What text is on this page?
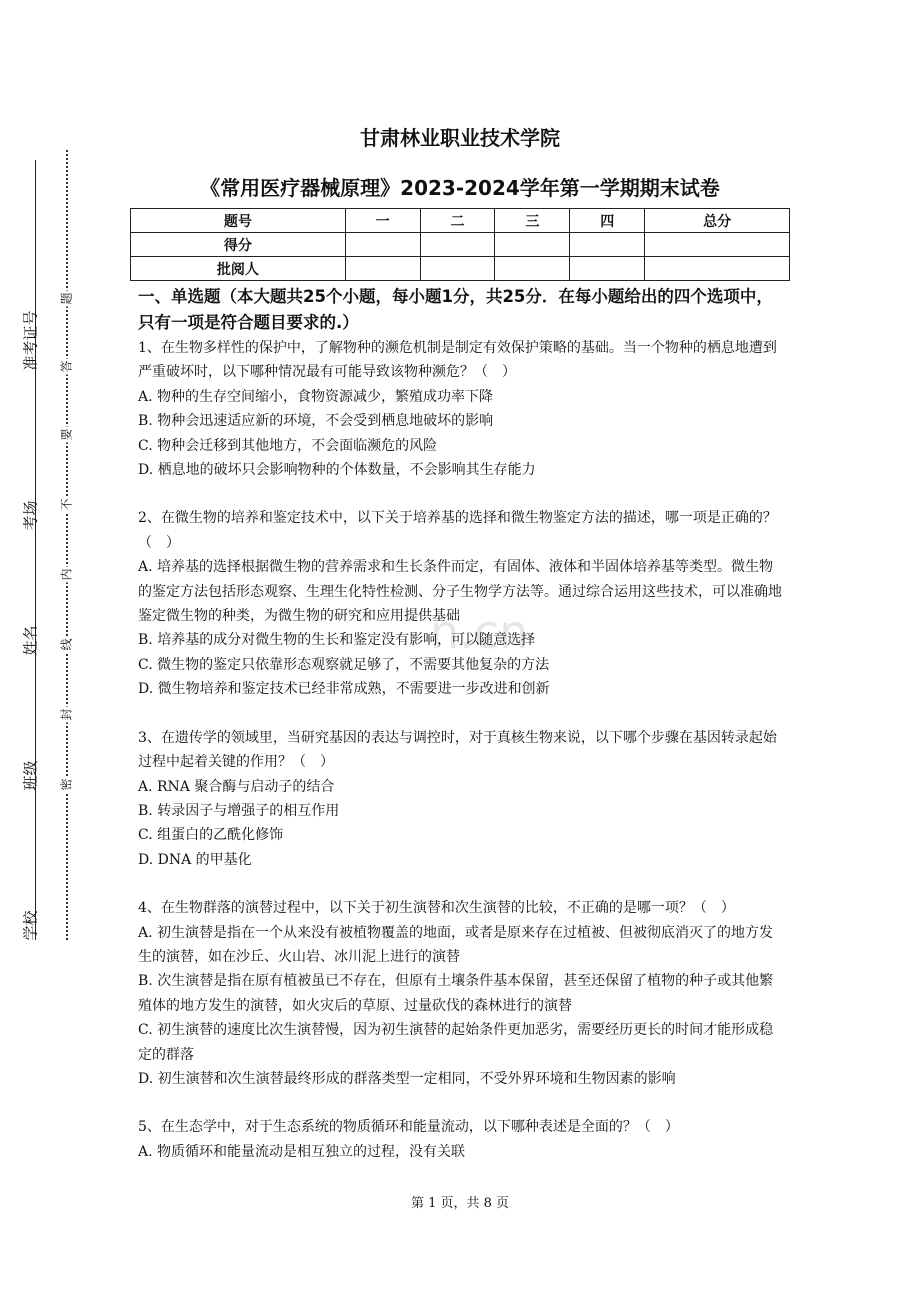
准考证号
考场
姓名
班级
学校
题
答
要
不
内
线
封
密
n.cn
甘肃林业职业技术学院
《常用医疗器械原理》2023-2024学年第一学期期末试卷
题号	一	二	三	四	总分
得分					
批阅人					
一、单选题（本大题共25个小题，每小题1分，共25分．在每小题给出的四个选项中，只有一项是符合题目要求的.）
1、在生物多样性的保护中，了解物种的濒危机制是制定有效保护策略的基础。当一个物种的栖息地遭到严重破坏时，以下哪种情况最有可能导致该物种濒危？（　）
A. 物种的生存空间缩小，食物资源减少，繁殖成功率下降
B. 物种会迅速适应新的环境，不会受到栖息地破坏的影响
C. 物种会迁移到其他地方，不会面临濒危的风险
D. 栖息地的破坏只会影响物种的个体数量，不会影响其生存能力
2、在微生物的培养和鉴定技术中，以下关于培养基的选择和微生物鉴定方法的描述，哪一项是正确的？（　）
A. 培养基的选择根据微生物的营养需求和生长条件而定，有固体、液体和半固体培养基等类型。微生物的鉴定方法包括形态观察、生理生化特性检测、分子生物学方法等。通过综合运用这些技术，可以准确地鉴定微生物的种类，为微生物的研究和应用提供基础
B. 培养基的成分对微生物的生长和鉴定没有影响，可以随意选择
C. 微生物的鉴定只依靠形态观察就足够了，不需要其他复杂的方法
D. 微生物培养和鉴定技术已经非常成熟，不需要进一步改进和创新
3、在遗传学的领域里，当研究基因的表达与调控时，对于真核生物来说，以下哪个步骤在基因转录起始过程中起着关键的作用？（　）
A. RNA 聚合酶与启动子的结合
B. 转录因子与增强子的相互作用
C. 组蛋白的乙酰化修饰
D. DNA 的甲基化
4、在生物群落的演替过程中，以下关于初生演替和次生演替的比较，不正确的是哪一项？（　）
A. 初生演替是指在一个从来没有被植物覆盖的地面，或者是原来存在过植被、但被彻底消灭了的地方发生的演替，如在沙丘、火山岩、冰川泥上进行的演替
B. 次生演替是指在原有植被虽已不存在，但原有土壤条件基本保留，甚至还保留了植物的种子或其他繁殖体的地方发生的演替，如火灾后的草原、过量砍伐的森林进行的演替
C. 初生演替的速度比次生演替慢，因为初生演替的起始条件更加恶劣，需要经历更长的时间才能形成稳定的群落
D. 初生演替和次生演替最终形成的群落类型一定相同，不受外界环境和生物因素的影响
5、在生态学中，对于生态系统的物质循环和能量流动，以下哪种表述是全面的？（　）
A. 物质循环和能量流动是相互独立的过程，没有关联
第 1 页，共 8 页
